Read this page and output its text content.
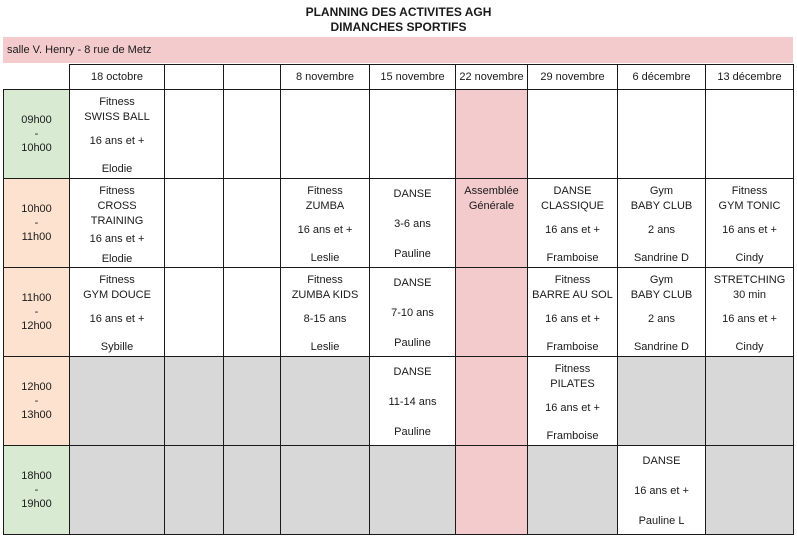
PLANNING DES ACTIVITES AGH
DIMANCHES SPORTIFS
salle V. Henry - 8 rue de Metz
	18 octobre			8 novembre	15 novembre	22 novembre	29 novembre	6 décembre	13 décembre
09h00
-
10h00	Fitness
SWISS BALL
16 ans et +
Elodie								

10h00
-
11h00	Fitness
CROSS TRAINING
16 ans et +
Elodie			Fitness
ZUMBA
16 ans et +
Leslie	DANSE
3-6 ans
Pauline	Assemblée
Générale	DANSE
CLASSIQUE
16 ans et +
Framboise	Gym
BABY CLUB
2 ans
Sandrine D	Fitness
GYM TONIC
16 ans et +
Cindy

11h00
-
12h00	Fitness
GYM DOUCE
16 ans et +
Sybille			Fitness
ZUMBA KIDS
8-15 ans
Leslie	DANSE
7-10 ans
Pauline		Fitness
BARRE AU SOL
16 ans et +
Framboise	Gym
BABY CLUB
2 ans
Sandrine D	STRETCHING
30 min
16 ans et +
Cindy

12h00
-
13h00					DANSE
11-14 ans
Pauline		Fitness
PILATES
16 ans et +
Framboise		

18h00
-
19h00								DANSE
16 ans et +
Pauline L	
